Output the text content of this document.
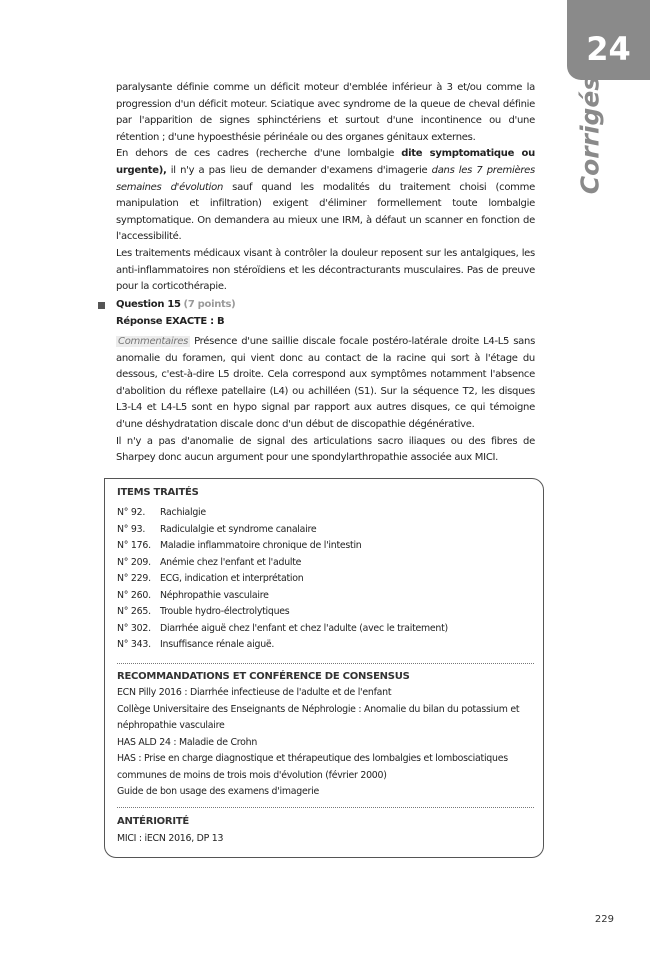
24
Corrigés

paralysante définie comme un déficit moteur d'emblée inférieur à 3 et/ou comme la progression d'un déficit moteur. Sciatique avec syndrome de la queue de cheval définie par l'apparition de signes sphinctériens et surtout d'une incontinence ou d'une rétention ; d'une hypoesthésie périnéale ou des organes génitaux externes.

En dehors de ces cadres (recherche d'une lombalgie dite symptomatique ou urgente), il n'y a pas lieu de demander d'examens d'imagerie dans les 7 premières semaines d'évolution sauf quand les modalités du traitement choisi (comme manipulation et infiltration) exigent d'éliminer formellement toute lombalgie symptomatique. On demandera au mieux une IRM, à défaut un scanner en fonction de l'accessibilité.

Les traitements médicaux visant à contrôler la douleur reposent sur les antalgiques, les anti-inflammatoires non stéroïdiens et les décontracturants musculaires. Pas de preuve pour la corticothérapie.

Question 15 (7 points)
Réponse EXACTE : B

Commentaires Présence d'une saillie discale focale postéro-latérale droite L4-L5 sans anomalie du foramen, qui vient donc au contact de la racine qui sort à l'étage du dessous, c'est-à-dire L5 droite. Cela correspond aux symptômes notamment l'absence d'abolition du réflexe patellaire (L4) ou achilléen (S1). Sur la séquence T2, les disques L3-L4 et L4-L5 sont en hypo signal par rapport aux autres disques, ce qui témoigne d'une déshydratation discale donc d'un début de discopathie dégénérative.

Il n'y a pas d'anomalie de signal des articulations sacro iliaques ou des fibres de Sharpey donc aucun argument pour une spondylarthropathie associée aux MICI.

ITEMS TRAITÉS
N° 92. Rachialgie
N° 93. Radiculalgie et syndrome canalaire
N° 176. Maladie inflammatoire chronique de l'intestin
N° 209. Anémie chez l'enfant et l'adulte
N° 229. ECG, indication et interprétation
N° 260. Néphropathie vasculaire
N° 265. Trouble hydro-électrolytiques
N° 302. Diarrhée aiguë chez l'enfant et chez l'adulte (avec le traitement)
N° 343. Insuffisance rénale aiguë.
RECOMMANDATIONS ET CONFÉRENCE DE CONSENSUS
ECN Pilly 2016 : Diarrhée infectieuse de l'adulte et de l'enfant
Collège Universitaire des Enseignants de Néphrologie : Anomalie du bilan du potassium et
néphropathie vasculaire
HAS ALD 24 : Maladie de Crohn
HAS : Prise en charge diagnostique et thérapeutique des lombalgies et lombosciatiques
communes de moins de trois mois d'évolution (février 2000)
Guide de bon usage des examens d'imagerie
ANTÉRIORITÉ
MICI : iECN 2016, DP 13
229
